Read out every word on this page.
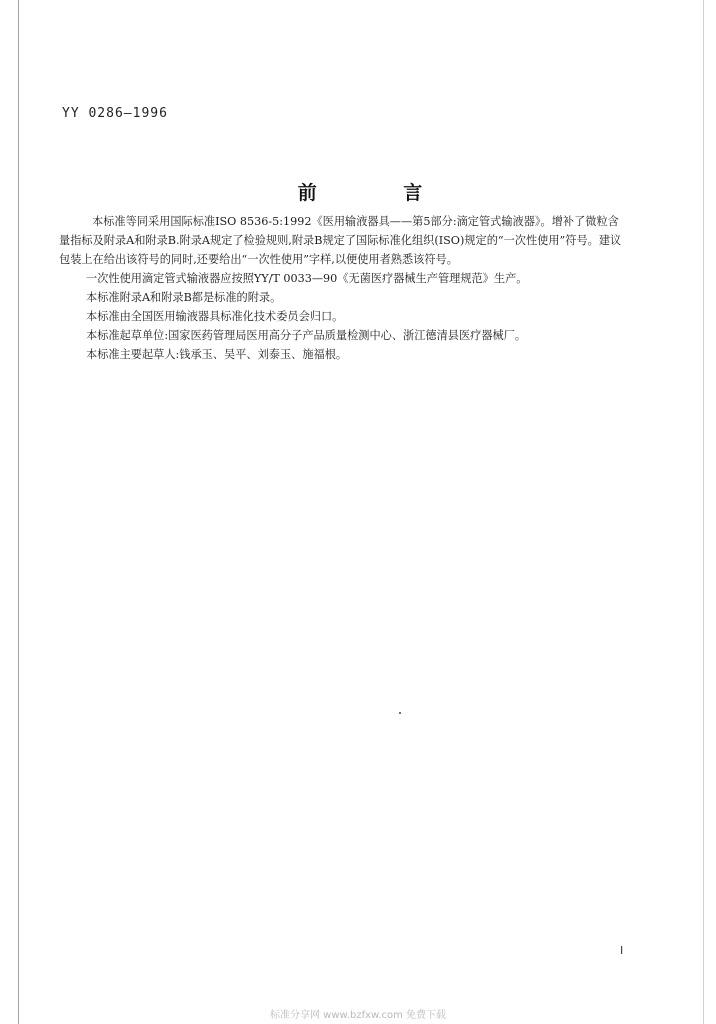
YY 0286—1996
前 言

本标准等同采用国际标准ISO 8536-5:1992《医用输液器具——第5部分:滴定管式输液器》。增补了微粒含量指标及附录A和附录B.附录A规定了检验规则,附录B规定了国际标准化组织(ISO)规定的“一次性使用”符号。建议包装上在给出该符号的同时,还要给出“一次性使用”字样,以便使用者熟悉该符号。

一次性使用滴定管式输液器应按照YY/T 0033—90《无菌医疗器械生产管理规范》生产。

本标准附录A和附录B都是标准的附录。

本标准由全国医用输液器具标准化技术委员会归口。

本标准起草单位:国家医药管理局医用高分子产品质量检测中心、浙江德清县医疗器械厂。

本标准主要起草人:钱承玉、吴平、刘泰玉、施福根。

I
标准分享网 www.bzfxw.com 免费下载
